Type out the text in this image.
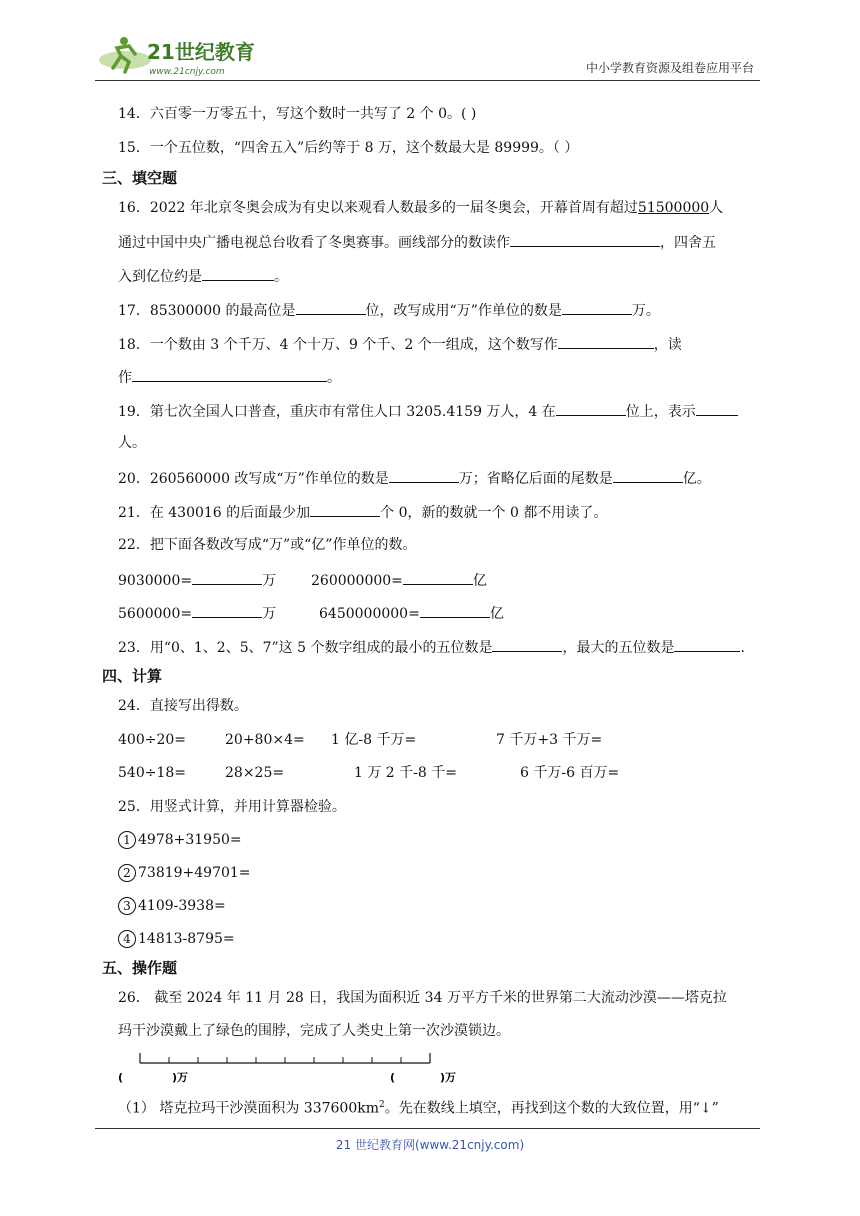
21世纪教育
www.21cnjy.com	中小学教育资源及组卷应用平台
14．六百零一万零五十，写这个数时一共写了 2 个 0。( )
15．一个五位数，“四舍五入”后约等于 8 万，这个数最大是 89999。（ ）
三、填空题
16．2022 年北京冬奥会成为有史以来观看人数最多的一届冬奥会，开幕首周有超过51500000人
通过中国中央广播电视总台收看了冬奥赛事。画线部分的数读作	，四舍五
入到亿位约是	。
17．85300000 的最高位是	位，改写成用“万”作单位的数是	万。
18．一个数由 3 个千万、4 个十万、9 个千、2 个一组成，这个数写作	，读
作	。
19．第七次全国人口普查，重庆市有常住人口 3205.4159 万人，4 在	位上，表示
人。
20．260560000 改写成“万”作单位的数是	万；省略亿后面的尾数是	亿。
21．在 430016 的后面最少加	个 0，新的数就一个 0 都不用读了。
22．把下面各数改写成“万”或“亿”作单位的数。
9030000=	万 260000000=	亿
5600000=	万	6450000000=	亿
23．用“0、1、2、5、7”这 5 个数字组成的最小的五位数是	，最大的五位数是	.
四、计算
24．直接写出得数。
400÷20=	20+80×4= 1 亿-8 千万=	7 千万+3 千万=
540÷18=	28×25=	1 万 2 千-8 千=	6 千万-6 百万=
25．用竖式计算，并用计算器检验。
1 4978+31950=
2 73819+49701=
3 4109-3938=
4 14813-8795=
五、操作题
26． 截至 2024 年 11 月 28 日，我国为面积近 34 万平方千米的世界第二大流动沙漠——塔克拉
玛干沙漠戴上了绿色的围脖，完成了人类史上第一次沙漠锁边。
（1） 塔克拉玛干沙漠面积为 $337600km^2$。先在数线上填空，再找到这个数的大致位置，用“↓”
(	)万	(	)万
21 世纪教育网(www.21cnjy.com)
